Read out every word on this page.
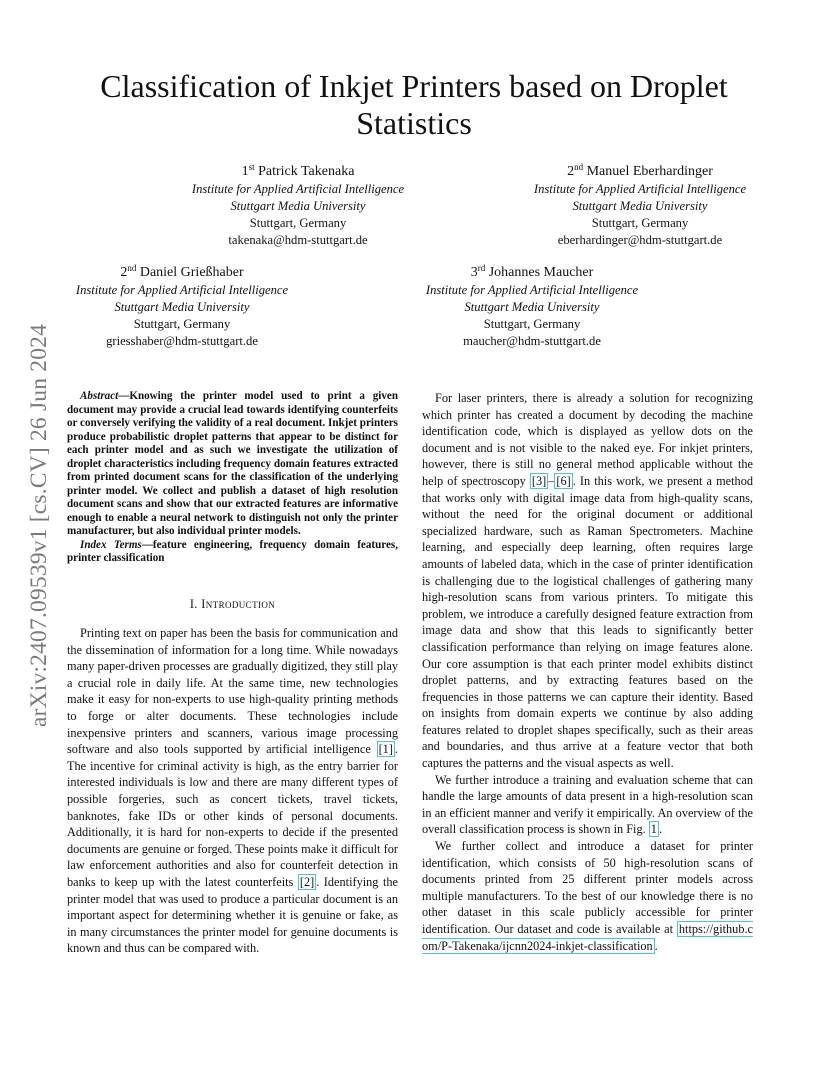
arXiv:2407.09539v1 [cs.CV] 26 Jun 2024
Classification of Inkjet Printers based on Droplet Statistics
1st Patrick Takenaka
Institute for Applied Artificial Intelligence
Stuttgart Media University
Stuttgart, Germany
takenaka@hdm-stuttgart.de
2nd Manuel Eberhardinger
Institute for Applied Artificial Intelligence
Stuttgart Media University
Stuttgart, Germany
eberhardinger@hdm-stuttgart.de
2nd Daniel Grießhaber
Institute for Applied Artificial Intelligence
Stuttgart Media University
Stuttgart, Germany
griesshaber@hdm-stuttgart.de
3rd Johannes Maucher
Institute for Applied Artificial Intelligence
Stuttgart Media University
Stuttgart, Germany
maucher@hdm-stuttgart.de

Abstract—Knowing the printer model used to print a given document may provide a crucial lead towards identifying counterfeits or conversely verifying the validity of a real document. Inkjet printers produce probabilistic droplet patterns that appear to be distinct for each printer model and as such we investigate the utilization of droplet characteristics including frequency domain features extracted from printed document scans for the classification of the underlying printer model. We collect and publish a dataset of high resolution document scans and show that our extracted features are informative enough to enable a neural network to distinguish not only the printer manufacturer, but also individual printer models.

Index Terms—feature engineering, frequency domain features, printer classification

I. Introduction

Printing text on paper has been the basis for communication and the dissemination of information for a long time. While nowadays many paper-driven processes are gradually digitized, they still play a crucial role in daily life. At the same time, new technologies make it easy for non-experts to use high-quality printing methods to forge or alter documents. These technologies include inexpensive printers and scanners, various image processing software and also tools supported by artificial intelligence [1] . The incentive for criminal activity is high, as the entry barrier for interested individuals is low and there are many different types of possible forgeries, such as concert tickets, travel tickets, banknotes, fake IDs or other kinds of personal documents. Additionally, it is hard for non-experts to decide if the presented documents are genuine or forged. These points make it difficult for law enforcement authorities and also for counterfeit detection in banks to keep up with the latest counterfeits [2] . Identifying the printer model that was used to produce a particular document is an important aspect for determining whether it is genuine or fake, as in many circumstances the printer model for genuine documents is known and thus can be compared with.

For laser printers, there is already a solution for recognizing which printer has created a document by decoding the machine identification code, which is displayed as yellow dots on the document and is not visible to the naked eye. For inkjet printers, however, there is still no general method applicable without the help of spectroscopy [3] – [6] . In this work, we present a method that works only with digital image data from high-quality scans, without the need for the original document or additional specialized hardware, such as Raman Spectrometers. Machine learning, and especially deep learning, often requires large amounts of labeled data, which in the case of printer identification is challenging due to the logistical challenges of gathering many high-resolution scans from various printers. To mitigate this problem, we introduce a carefully designed feature extraction from image data and show that this leads to significantly better classification performance than relying on image features alone. Our core assumption is that each printer model exhibits distinct droplet patterns, and by extracting features based on the frequencies in those patterns we can capture their identity. Based on insights from domain experts we continue by also adding features related to droplet shapes specifically, such as their areas and boundaries, and thus arrive at a feature vector that both captures the patterns and the visual aspects as well.

We further introduce a training and evaluation scheme that can handle the large amounts of data present in a high-resolution scan in an efficient manner and verify it empirically. An overview of the overall classification process is shown in Fig. 1 .

We further collect and introduce a dataset for printer identification, which consists of 50 high-resolution scans of documents printed from 25 different printer models across multiple manufacturers. To the best of our knowledge there is no other dataset in this scale publicly accessible for printer identification. Our dataset and code is available at https://github.com/P-Takenaka/ijcnn2024-inkjet-classification .
